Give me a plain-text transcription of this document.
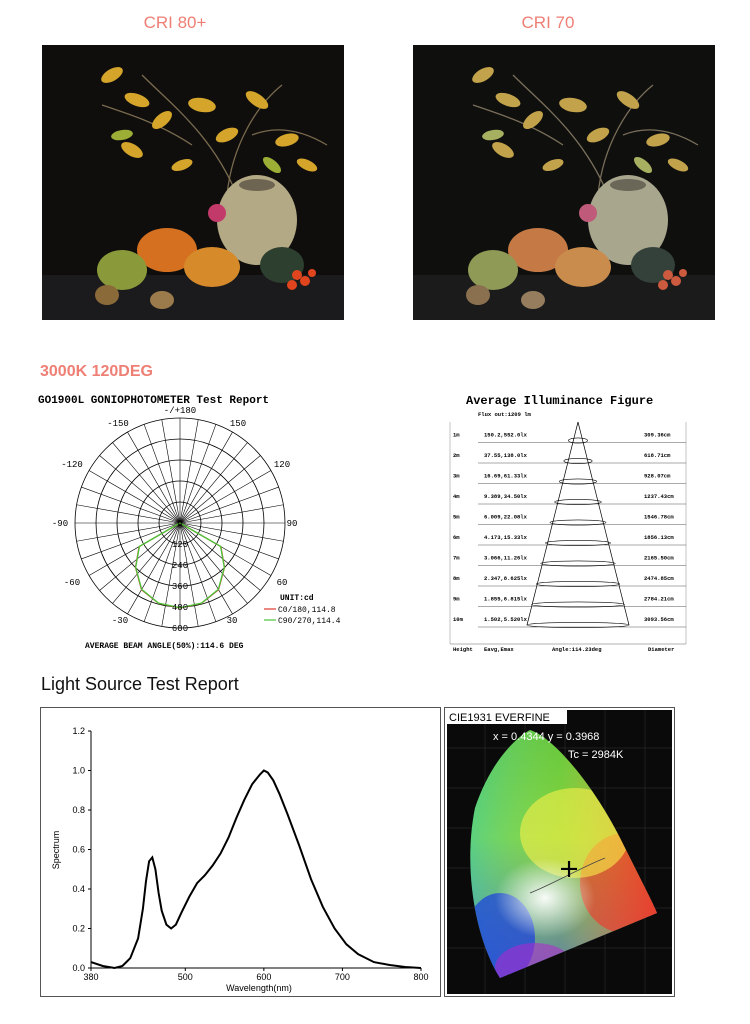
CRI 80+	CRI 70
3000K 120DEG
GO1900L GONIOPHOTOMETER Test Report
-/+180
150
-150
120
-120
90
-90
60
-60
-30	30
0
120
240
360
480
600
UNIT:cd
C0/180,114.8
C90/270,114.4
AVERAGE BEAM ANGLE(50%):114.6 DEG
Average Illuminance Figure
Flux out:1209 lm
1m	150.2,552.0lx	309.36cm
2m	37.55,138.0lx	618.71cm
3m	16.69,61.33lx	928.07cm
4m	9.389,34.50lx	1237.43cm
5m	6.009,22.08lx	1546.78cm
6m	4.173,15.33lx	1856.13cm
7m	3.066,11.26lx	2165.50cm
8m	2.347,8.625lx	2474.85cm
9m	1.855,6.815lx	2784.21cm
10m	1.502,5.520lx	3093.56cm
Height Eavg,Emax	Angle:114.23deg	Diameter
Light Source Test Report
0.0
0.2
0.4
0.6
0.8
1.0
1.2
380	500	600	700	800
Wavelength(nm)
Spectrum
CIE1931 EVERFINE
x = 0.4344 y = 0.3968
Tc = 2984K
